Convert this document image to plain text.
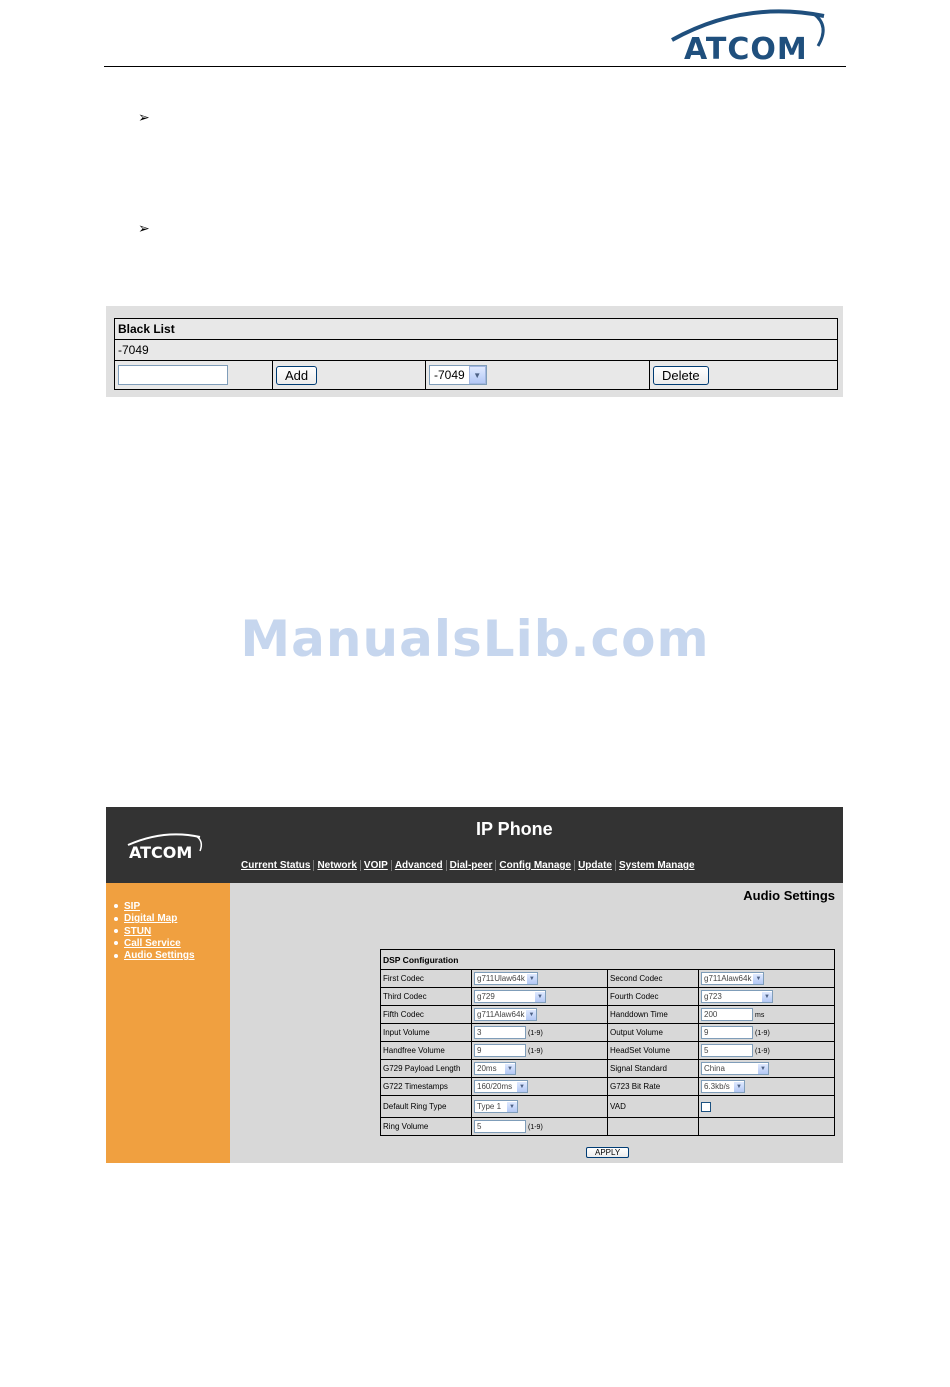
ATCOM
➢
➢
Black List
-7049
	Add	-7049	▼	Delete
ManualsLib.com
ATCOM
IP Phone
Current Status Network VOIP Advanced Dial-peer Config Manage Update System Manage
SIP
Digital Map
STUN
Call Service
Audio Settings
Audio Settings
DSP Configuration			
First Codec	g711Ulaw64k ▼	Second Codec	g711Alaw64k ▼

Third Codec	g729 ▼	Fourth Codec	g723 ▼

Fifth Codec	g711Alaw64k ▼	Handdown Time	200 ms
Input Volume	3 (1-9)	Output Volume	9 (1-9)
Handfree Volume	9 (1-9)	HeadSet Volume	5 (1-9)
G729 Payload Length	20ms ▼	Signal Standard	China ▼

G722 Timestamps	160/20ms ▼	G723 Bit Rate	6.3kb/s ▼

Default Ring Type	Type 1 ▼	VAD	
Ring Volume	5 (1-9)		
APPLY
